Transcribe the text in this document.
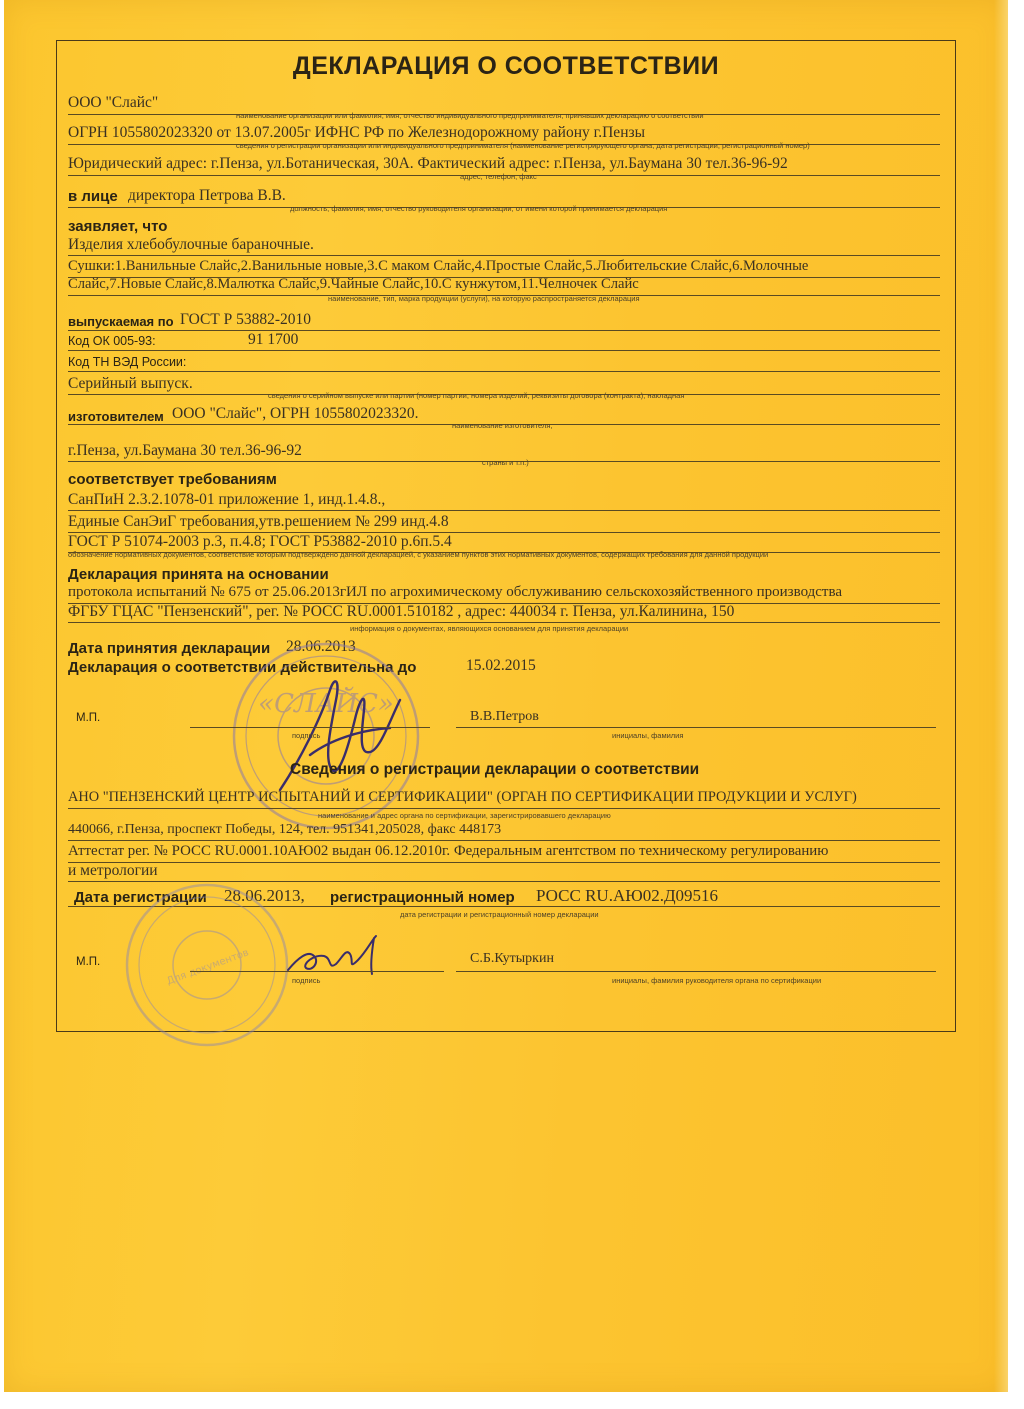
ДЕКЛАРАЦИЯ О СООТВЕТСТВИИ
ООО "Слайс"
наименование организации или фамилия, имя, отчество индивидуального предпринимателя, принявших декларацию о соответствии
ОГРН 1055802023320 от 13.07.2005г ИФНС РФ по Железнодорожному району г.Пензы
сведения о регистрации организации или индивидуального предпринимателя (наименование регистрирующего органа, дата регистрации, регистрационный номер)
Юридический адрес: г.Пенза, ул.Ботаническая, 30А. Фактический адрес: г.Пенза, ул.Баумана 30 тел.36-96-92
адрес, телефон, факс
в лице директора Петрова В.В.
должность, фамилия, имя, отчество руководителя организации, от имени которой принимается декларация
заявляет, что
Изделия хлебобулочные бараночные.
Сушки:1.Ванильные Слайс,2.Ванильные новые,3.С маком Слайс,4.Простые Слайс,5.Любительские Слайс,6.Молочные
Слайс,7.Новые Слайс,8.Малютка Слайс,9.Чайные Слайс,10.С кунжутом,11.Челночек Слайс
наименование, тип, марка продукции (услуги), на которую распространяется декларация
выпускаемая по ГОСТ Р 53882-2010
Код ОК 005-93:	91 1700
Код ТН ВЭД России:
Серийный выпуск.
сведения о серийном выпуске или партии (номер партии, номера изделий, реквизиты договора (контракта), накладная
изготовителем ООО "Слайс", ОГРН 1055802023320.
наименование изготовителя,
г.Пенза, ул.Баумана 30 тел.36-96-92
страны и т.п.)
соответствует требованиям
СанПиН 2.3.2.1078-01 приложение 1, инд.1.4.8.,
Единые СанЭиГ требования,утв.решением № 299 инд.4.8
ГОСТ Р 51074-2003 р.3, п.4.8; ГОСТ Р53882-2010 р.6п.5.4
обозначение нормативных документов, соответствие которым подтверждено данной декларацией, с указанием пунктов этих нормативных документов, содержащих требования для данной продукции
Декларация принята на основании
протокола испытаний № 675 от 25.06.2013гИЛ по агрохимическому обслуживанию сельскохозяйственного производства
ФГБУ ГЦАС "Пензенский", рег. № РОСС RU.0001.510182 , адрес: 440034 г. Пенза, ул.Калинина, 150
информация о документах, являющихся основанием для принятия декларации
Дата принятия декларации 28.06.2013
Декларация о соответствии действительна до	15.02.2015
«СЛАЙС»
М.П.
подпись
В.В.Петров
инициалы, фамилия
Сведения о регистрации декларации о соответствии
АНО "ПЕНЗЕНСКИЙ ЦЕНТР ИСПЫТАНИЙ И СЕРТИФИКАЦИИ" (ОРГАН ПО СЕРТИФИКАЦИИ ПРОДУКЦИИ И УСЛУГ)
наименование и адрес органа по сертификации, зарегистрировавшего декларацию
440066, г.Пенза, проспект Победы, 124, тел. 951341,205028, факс 448173
Аттестат рег. № РОСС RU.0001.10АЮ02 выдан 06.12.2010г. Федеральным агентством по техническому регулированию
и метрологии
Дата регистрации 28.06.2013, регистрационный номер РОСС RU.АЮ02.Д09516
дата регистрации и регистрационный номер декларации
Для документов
М.П.
подпись
С.Б.Кутыркин
инициалы, фамилия руководителя органа по сертификации
